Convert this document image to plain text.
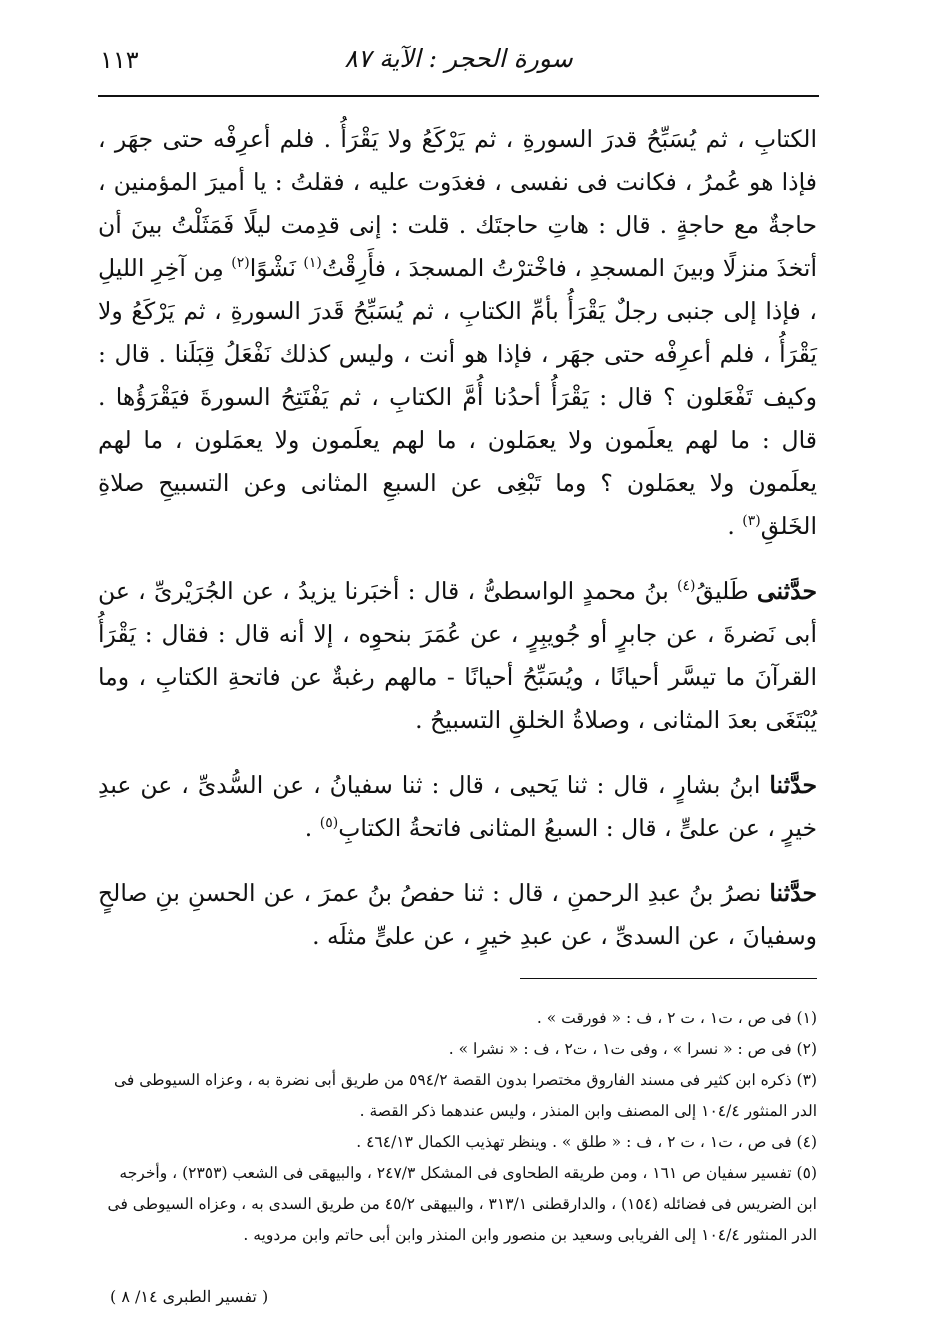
سورة الحجر : الآية ٨٧
١١٣

الكتابِ ، ثم يُسَبِّحُ قدرَ السورةِ ، ثم يَرْكَعُ ولا يَقْرَأُ . فلم أعرِفْه حتى جهَر ، فإذا هو عُمرُ ، فكانت فى نفسى ، فغدَوت عليه ، فقلتُ : يا أميرَ المؤمنين ، حاجةٌ مع حاجةٍ . قال : هاتِ حاجتَك . قلت : إنى قدِمت ليلًا فَمَثَلْتُ بينَ أن أتخذَ منزلًا وبينَ المسجدِ ، فاخْترْتُ المسجدَ ، فأَرِقْتُ$^{(١)}$ نَشْوًا$^{(٢)}$ مِن آخِرِ الليلِ ، فإذا إلى جنبى رجلٌ يَقْرَأُ بأمِّ الكتابِ ، ثم يُسَبِّحُ قَدرَ السورةِ ، ثم يَرْكَعُ ولا يَقْرَأُ ، فلم أعرِفْه حتى جهَر ، فإذا هو أنت ، وليس كذلك نَفْعَلُ قِبَلَنا . قال : وكيف تَفْعَلون ؟ قال : يَقْرَأُ أحدُنا أُمَّ الكتابِ ، ثم يَفْتَتِحُ السورةَ فيَقْرَؤُها . قال : ما لهم يعلَمون ولا يعمَلون ، ما لهم يعلَمون ولا يعمَلون ، ما لهم يعلَمون ولا يعمَلون ؟ وما تَبْغِى عن السبعِ المثانى وعن التسبيحِ صلاةِ الخَلقِ$^{(٣)}$ .

حدَّثنى طَليقُ$^{(٤)}$ بنُ محمدٍ الواسطىُّ ، قال : أخبَرنا يزيدُ ، عن الجُرَيْرىِّ ، عن أبى نَضرةَ ، عن جابرٍ أو جُويبِرٍ ، عن عُمَرَ بنحوِه ، إلا أنه قال : فقال : يَقْرَأُ القرآنَ ما تيسَّر أحيانًا ، ويُسَبِّحُ أحيانًا - مالهم رغبةٌ عن فاتحةِ الكتابِ ، وما يُبْتَغَى بعدَ المثانى ، وصلاةُ الخلقِ التسبيحُ .

حدَّثنا ابنُ بشارٍ ، قال : ثنا يَحيى ، قال : ثنا سفيانُ ، عن السُّدىِّ ، عن عبدِ خيرٍ ، عن علىٍّ ، قال : السبعُ المثانى فاتحةُ الكتابِ$^{(٥)}$ .

حدَّثنا نصرُ بنُ عبدِ الرحمنِ ، قال : ثنا حفصُ بنُ عمرَ ، عن الحسنِ بنِ صالحٍ وسفيانَ ، عن السدىِّ ، عن عبدِ خيرٍ ، عن علىٍّ مثلَه .

(١) فى ص ، ت١ ، ت ٢ ، ف : « فورقت » .

(٢) فى ص : « نسرا » ، وفى ت١ ، ت٢ ، ف : « نشرا » .

(٣) ذكره ابن كثير فى مسند الفاروق مختصرا بدون القصة ٥٩٤/٢ من طريق أبى نضرة به ، وعزاه السيوطى فى الدر المنثور ١٠٤/٤ إلى المصنف وابن المنذر ، وليس عندهما ذكر القصة .

(٤) فى ص ، ت١ ، ت ٢ ، ف : « طلق » . وينظر تهذيب الكمال ٤٦٤/١٣ .

(٥) تفسير سفيان ص ١٦١ ، ومن طريقه الطحاوى فى المشكل ٢٤٧/٣ ، والبيهقى فى الشعب (٢٣٥٣) ، وأخرجه ابن الضريس فى فضائله (١٥٤) ، والدارقطنى ٣١٣/١ ، والبيهقى ٤٥/٢ من طريق السدى به ، وعزاه السيوطى فى الدر المنثور ١٠٤/٤ إلى الفريابى وسعيد بن منصور وابن المنذر وابن أبى حاتم وابن مردويه .

( تفسير الطبرى ١٤/ ٨ )
